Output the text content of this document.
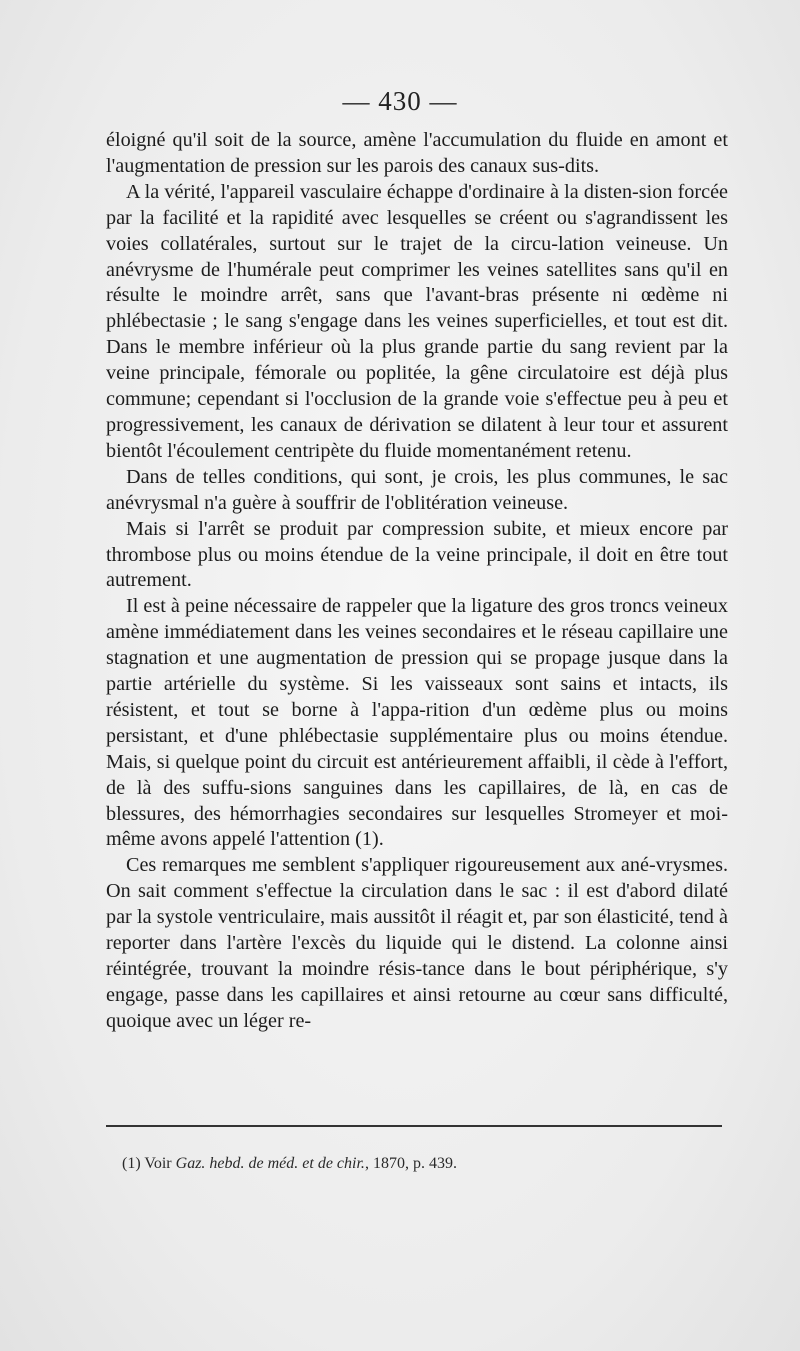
— 430 —

éloigné qu'il soit de la source, amène l'accumulation du fluide en amont et l'augmentation de pression sur les parois des canaux sus-dits.

A la vérité, l'appareil vasculaire échappe d'ordinaire à la disten-sion forcée par la facilité et la rapidité avec lesquelles se créent ou s'agrandissent les voies collatérales, surtout sur le trajet de la circu-lation veineuse. Un anévrysme de l'humérale peut comprimer les veines satellites sans qu'il en résulte le moindre arrêt, sans que l'avant-bras présente ni œdème ni phlébectasie ; le sang s'engage dans les veines superficielles, et tout est dit. Dans le membre inférieur où la plus grande partie du sang revient par la veine principale, fémorale ou poplitée, la gêne circulatoire est déjà plus commune; cependant si l'occlusion de la grande voie s'effectue peu à peu et progressivement, les canaux de dérivation se dilatent à leur tour et assurent bientôt l'écoulement centripète du fluide momentanément retenu.

Dans de telles conditions, qui sont, je crois, les plus communes, le sac anévrysmal n'a guère à souffrir de l'oblitération veineuse.

Mais si l'arrêt se produit par compression subite, et mieux encore par thrombose plus ou moins étendue de la veine principale, il doit en être tout autrement.

Il est à peine nécessaire de rappeler que la ligature des gros troncs veineux amène immédiatement dans les veines secondaires et le réseau capillaire une stagnation et une augmentation de pression qui se propage jusque dans la partie artérielle du système. Si les vaisseaux sont sains et intacts, ils résistent, et tout se borne à l'appa-rition d'un œdème plus ou moins persistant, et d'une phlébectasie supplémentaire plus ou moins étendue. Mais, si quelque point du circuit est antérieurement affaibli, il cède à l'effort, de là des suffu-sions sanguines dans les capillaires, de là, en cas de blessures, des hémorrhagies secondaires sur lesquelles Stromeyer et moi-même avons appelé l'attention (1).

Ces remarques me semblent s'appliquer rigoureusement aux ané-vrysmes. On sait comment s'effectue la circulation dans le sac : il est d'abord dilaté par la systole ventriculaire, mais aussitôt il réagit et, par son élasticité, tend à reporter dans l'artère l'excès du liquide qui le distend. La colonne ainsi réintégrée, trouvant la moindre résis-tance dans le bout périphérique, s'y engage, passe dans les capillaires et ainsi retourne au cœur sans difficulté, quoique avec un léger re-

(1) Voir Gaz. hebd. de méd. et de chir., 1870, p. 439.
